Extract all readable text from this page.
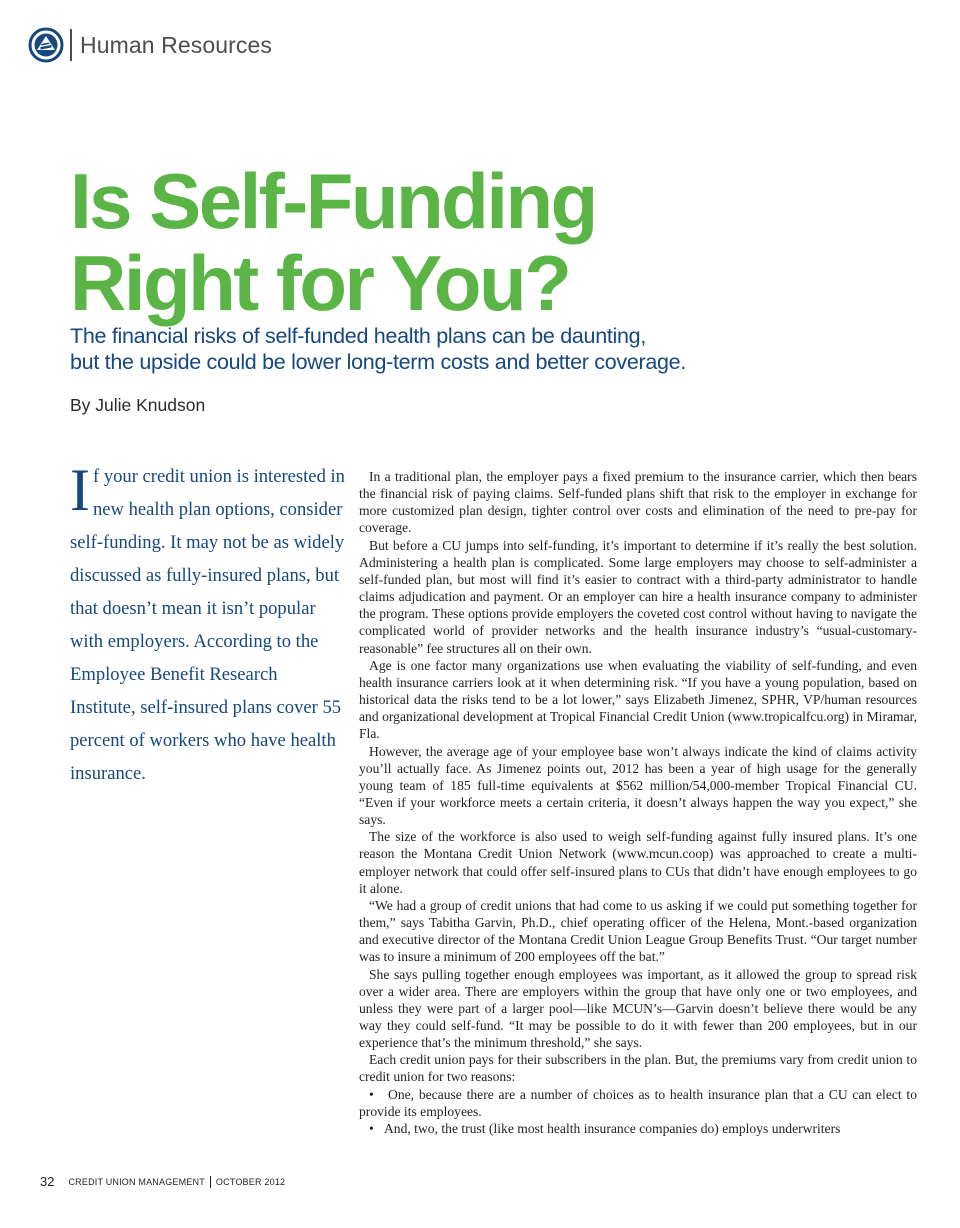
Human Resources
Is Self-Funding
Right for You?
The financial risks of self-funded health plans can be daunting,
but the upside could be lower long-term costs and better coverage.
By Julie Knudson
If your credit union is interested in new health plan options, consider self-funding. It may not be as widely discussed as fully-insured plans, but that doesn’t mean it isn’t popular with employers. According to the Employee Benefit Research Institute, self-insured plans cover 55 percent of workers who have health insurance.

In a traditional plan, the employer pays a fixed premium to the insurance carrier, which then bears the financial risk of paying claims. Self-funded plans shift that risk to the employer in exchange for more customized plan design, tighter control over costs and elimination of the need to pre-pay for coverage.

But before a CU jumps into self-funding, it’s important to determine if it’s really the best solution. Administering a health plan is complicated. Some large employers may choose to self-administer a self-funded plan, but most will find it’s easier to contract with a third-party administrator to handle claims adjudication and payment. Or an employer can hire a health insurance company to administer the program. These options provide employers the coveted cost control without having to navigate the complicated world of provider networks and the health insurance industry’s “usual-customary-reasonable” fee structures all on their own.

Age is one factor many organizations use when evaluating the viability of self-funding, and even health insurance carriers look at it when determining risk. “If you have a young population, based on historical data the risks tend to be a lot lower,” says Elizabeth Jimenez, SPHR, VP/human resources and organizational development at Tropical Financial Credit Union (www.tropicalfcu.org) in Miramar, Fla.

However, the average age of your employee base won’t always indicate the kind of claims activity you’ll actually face. As Jimenez points out, 2012 has been a year of high usage for the generally young team of 185 full-time equivalents at $562 million/54,000-member Tropical Financial CU. “Even if your workforce meets a certain criteria, it doesn’t always happen the way you expect,” she says.

The size of the workforce is also used to weigh self-funding against fully insured plans. It’s one reason the Montana Credit Union Network (www.mcun.coop) was approached to create a multi-employer network that could offer self-insured plans to CUs that didn’t have enough employees to go it alone.

“We had a group of credit unions that had come to us asking if we could put something together for them,” says Tabitha Garvin, Ph.D., chief operating officer of the Helena, Mont.-based organization and executive director of the Montana Credit Union League Group Benefits Trust. “Our target number was to insure a minimum of 200 employees off the bat.”

She says pulling together enough employees was important, as it allowed the group to spread risk over a wider area. There are employers within the group that have only one or two employees, and unless they were part of a larger pool—like MCUN’s—Garvin doesn’t believe there would be any way they could self-fund. “It may be possible to do it with fewer than 200 employees, but in our experience that’s the minimum threshold,” she says.

Each credit union pays for their subscribers in the plan. But, the premiums vary from credit union to credit union for two reasons:

• One, because there are a number of choices as to health insurance plan that a CU can elect to provide its employees.

• And, two, the trust (like most health insurance companies do) employs underwriters

32 CREDIT UNION MANAGEMENT OCTOBER 2012
